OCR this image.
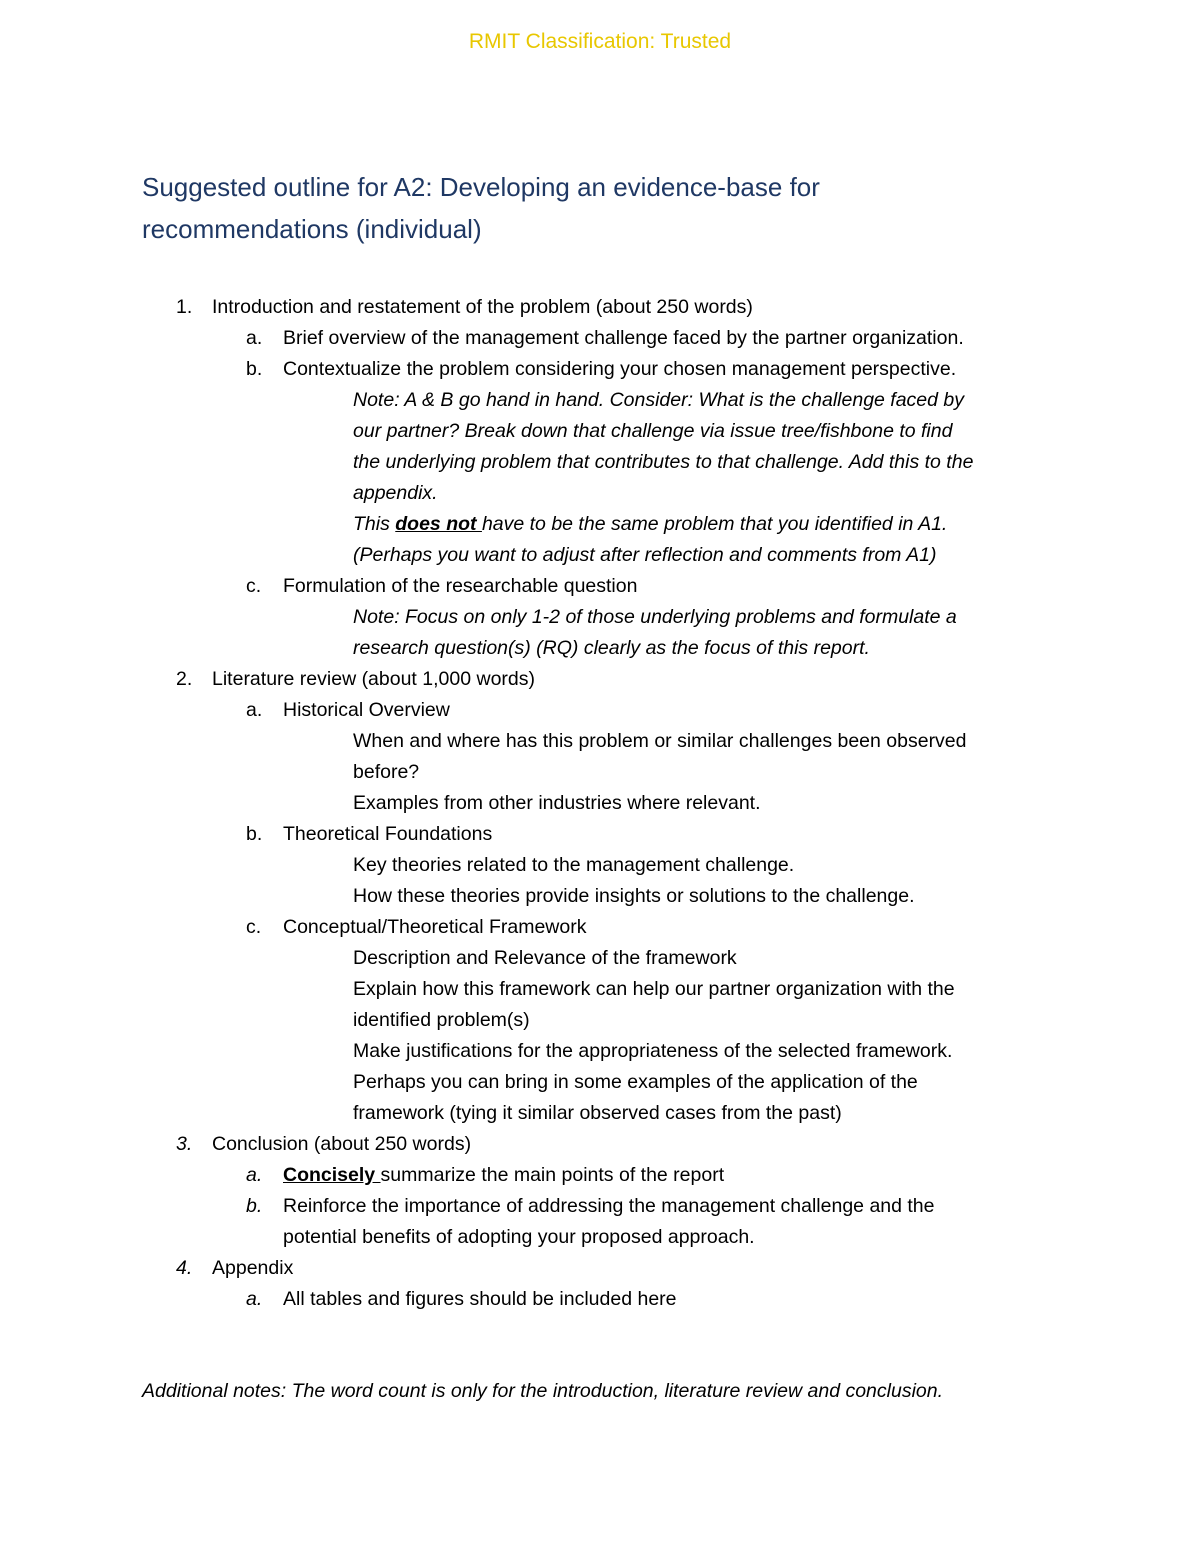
RMIT Classification: Trusted
Suggested outline for A2: Developing an evidence-base for
recommendations (individual)
1. Introduction and restatement of the problem (about 250 words)
a. Brief overview of the management challenge faced by the partner organization.
b. Contextualize the problem considering your chosen management perspective.
Note: A & B go hand in hand. Consider: What is the challenge faced by
our partner? Break down that challenge via issue tree/fishbone to find
the underlying problem that contributes to that challenge. Add this to the
appendix.
This does not have to be the same problem that you identified in A1.
(Perhaps you want to adjust after reflection and comments from A1)
c. Formulation of the researchable question
Note: Focus on only 1-2 of those underlying problems and formulate a
research question(s) (RQ) clearly as the focus of this report.
2. Literature review (about 1,000 words)
a. Historical Overview
When and where has this problem or similar challenges been observed
before?
Examples from other industries where relevant.
b. Theoretical Foundations
Key theories related to the management challenge.
How these theories provide insights or solutions to the challenge.
c. Conceptual/Theoretical Framework
Description and Relevance of the framework
Explain how this framework can help our partner organization with the
identified problem(s)
Make justifications for the appropriateness of the selected framework.
Perhaps you can bring in some examples of the application of the
framework (tying it similar observed cases from the past)
3. Conclusion (about 250 words)
a. Concisely summarize the main points of the report
b. Reinforce the importance of addressing the management challenge and the
potential benefits of adopting your proposed approach.
4. Appendix
a. All tables and figures should be included here
Additional notes: The word count is only for the introduction, literature review and conclusion.
